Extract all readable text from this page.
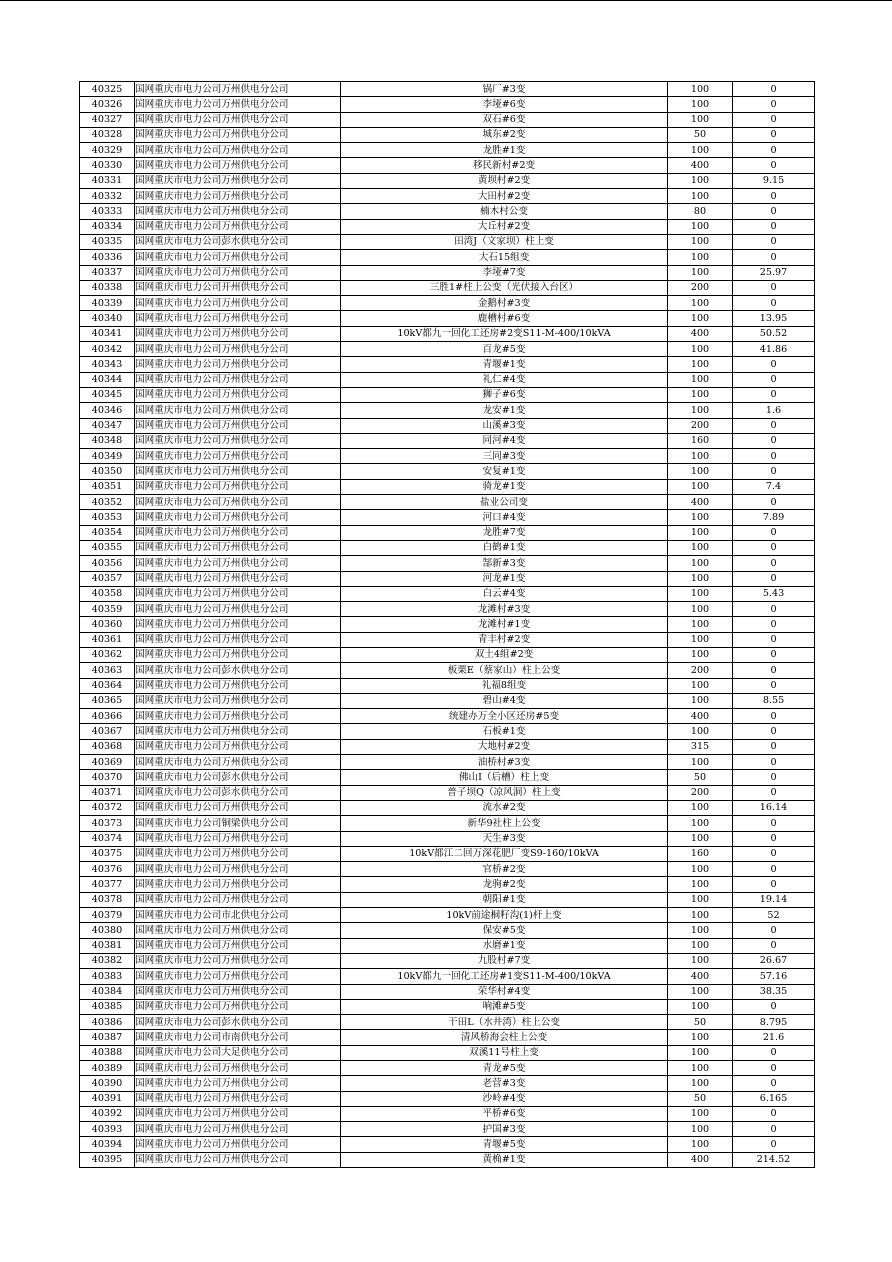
40325	国网重庆市电力公司万州供电分公司	锅厂#3变	100	0
40326	国网重庆市电力公司万州供电分公司	李垭#6变	100	0
40327	国网重庆市电力公司万州供电分公司	双石#6变	100	0
40328	国网重庆市电力公司万州供电分公司	城东#2变	50	0
40329	国网重庆市电力公司万州供电分公司	龙胜#1变	100	0
40330	国网重庆市电力公司万州供电分公司	移民新村#2变	400	0
40331	国网重庆市电力公司万州供电分公司	黄坝村#2变	100	9.15
40332	国网重庆市电力公司万州供电分公司	大田村#2变	100	0
40333	国网重庆市电力公司万州供电分公司	楠木村公变	80	0
40334	国网重庆市电力公司万州供电分公司	大丘村#2变	100	0
40335	国网重庆市电力公司彭水供电分公司	田湾J（文家坝）柱上变	100	0
40336	国网重庆市电力公司万州供电分公司	大石15组变	100	0
40337	国网重庆市电力公司万州供电分公司	李垭#7变	100	25.97
40338	国网重庆市电力公司开州供电分公司	三胜1#柱上公变（光伏接入台区）	200	0
40339	国网重庆市电力公司万州供电分公司	金鹅村#3变	100	0
40340	国网重庆市电力公司万州供电分公司	鹿槽村#6变	100	13.95
40341	国网重庆市电力公司万州供电分公司	10kV都九一回化工还房#2变S11-M-400/10kVA	400	50.52
40342	国网重庆市电力公司万州供电分公司	百龙#5变	100	41.86
40343	国网重庆市电力公司万州供电分公司	青堰#1变	100	0
40344	国网重庆市电力公司万州供电分公司	礼仁#4变	100	0
40345	国网重庆市电力公司万州供电分公司	狮子#6变	100	0
40346	国网重庆市电力公司万州供电分公司	龙安#1变	100	1.6
40347	国网重庆市电力公司万州供电分公司	山溪#3变	200	0
40348	国网重庆市电力公司万州供电分公司	同河#4变	160	0
40349	国网重庆市电力公司万州供电分公司	三同#3变	100	0
40350	国网重庆市电力公司万州供电分公司	安复#1变	100	0
40351	国网重庆市电力公司万州供电分公司	骑龙#1变	100	7.4
40352	国网重庆市电力公司万州供电分公司	盐业公司变	400	0
40353	国网重庆市电力公司万州供电分公司	河口#4变	100	7.89
40354	国网重庆市电力公司万州供电分公司	龙胜#7变	100	0
40355	国网重庆市电力公司万州供电分公司	白鹤#1变	100	0
40356	国网重庆市电力公司万州供电分公司	郜新#3变	100	0
40357	国网重庆市电力公司万州供电分公司	河龙#1变	100	0
40358	国网重庆市电力公司万州供电分公司	白云#4变	100	5.43
40359	国网重庆市电力公司万州供电分公司	龙滩村#3变	100	0
40360	国网重庆市电力公司万州供电分公司	龙滩村#1变	100	0
40361	国网重庆市电力公司万州供电分公司	青丰村#2变	100	0
40362	国网重庆市电力公司万州供电分公司	双土4组#2变	100	0
40363	国网重庆市电力公司彭水供电分公司	板栗E（蔡家山）柱上公变	200	0
40364	国网重庆市电力公司万州供电分公司	礼福8组变	100	0
40365	国网重庆市电力公司万州供电分公司	碧山#4变	100	8.55
40366	国网重庆市电力公司万州供电分公司	统建办万全小区还房#5变	400	0
40367	国网重庆市电力公司万州供电分公司	石板#1变	100	0
40368	国网重庆市电力公司万州供电分公司	大地村#2变	315	0
40369	国网重庆市电力公司万州供电分公司	油桥村#3变	100	0
40370	国网重庆市电力公司彭水供电分公司	佛山I（后槽）柱上变	50	0
40371	国网重庆市电力公司彭水供电分公司	普子坝Q（凉风洞）柱上变	200	0
40372	国网重庆市电力公司万州供电分公司	流水#2变	100	16.14
40373	国网重庆市电力公司铜梁供电分公司	新华9社柱上公变	100	0
40374	国网重庆市电力公司万州供电分公司	天生#3变	100	0
40375	国网重庆市电力公司万州供电分公司	10kV都江二回万深花肥厂变S9-160/10kVA	160	0
40376	国网重庆市电力公司万州供电分公司	官桥#2变	100	0
40377	国网重庆市电力公司万州供电分公司	龙驹#2变	100	0
40378	国网重庆市电力公司万州供电分公司	朝阳#1变	100	19.14
40379	国网重庆市电力公司市北供电分公司	10kV前途桐籽沟(1)杆上变	100	52
40380	国网重庆市电力公司万州供电分公司	保安#5变	100	0
40381	国网重庆市电力公司万州供电分公司	水磨#1变	100	0
40382	国网重庆市电力公司万州供电分公司	九股村#7变	100	26.67
40383	国网重庆市电力公司万州供电分公司	10kV都九一回化工还房#1变S11-M-400/10kVA	400	57.16
40384	国网重庆市电力公司万州供电分公司	荣华村#4变	100	38.35
40385	国网重庆市电力公司万州供电分公司	响滩#5变	100	0
40386	国网重庆市电力公司彭水供电分公司	干田L（水井湾）柱上公变	50	8.795
40387	国网重庆市电力公司市南供电分公司	清风桥海会柱上公变	100	21.6
40388	国网重庆市电力公司大足供电分公司	双溪11号柱上变	100	0
40389	国网重庆市电力公司万州供电分公司	青龙#5变	100	0
40390	国网重庆市电力公司万州供电分公司	老营#3变	100	0
40391	国网重庆市电力公司万州供电分公司	沙岭#4变	50	6.165
40392	国网重庆市电力公司万州供电分公司	平桥#6变	100	0
40393	国网重庆市电力公司万州供电分公司	护国#3变	100	0
40394	国网重庆市电力公司万州供电分公司	青堰#5变	100	0
40395	国网重庆市电力公司万州供电分公司	黄桷#1变	400	214.52
